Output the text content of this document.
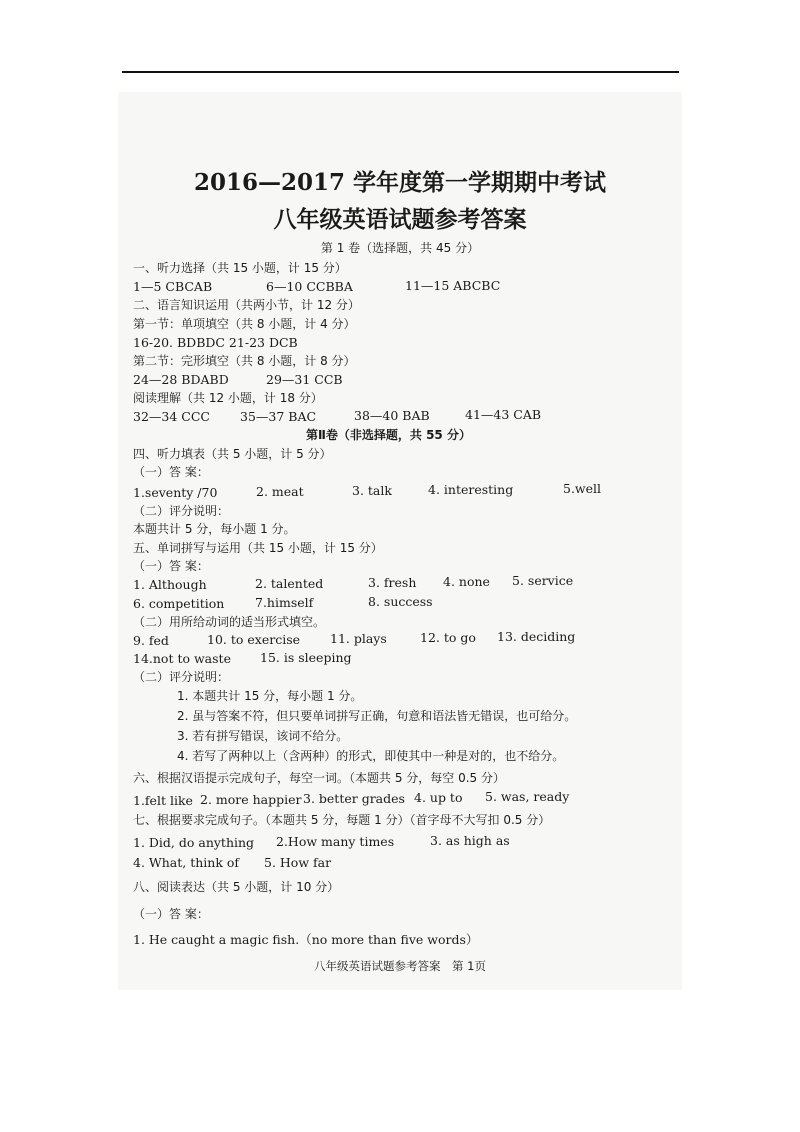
2016—2017 学年度第一学期期中考试
八年级英语试题参考答案
第 1 卷（选择题，共 45 分）
一、听力选择（共 15 小题，计 15 分）
1—5 CBCAB	6—10 CCBBA	11—15 ABCBC
二、语言知识运用（共两小节，计 12 分）
第一节：单项填空（共 8 小题，计 4 分）
16-20. BDBDC 21-23 DCB
第二节：完形填空（共 8 小题，计 8 分）
24—28 BDABD	29—31 CCB
阅读理解（共 12 小题，计 18 分）
32—34 CCC 35—37 BAC	38—40 BAB	41—43 CAB
第Ⅱ卷（非选择题，共 55 分）
四、听力填表（共 5 小题，计 5 分）
（一）答 案：
1.seventy /70	2. meat	3. talk	4. interesting	5.well
（二）评分说明：
本题共计 5 分，每小题 1 分。
五、单词拼写与运用（共 15 小题，计 15 分）
（一）答 案：
1. Although	2. talented	3. fresh 4. none 5. service
6. competition 7.himself	8. success
（二）用所给动词的适当形式填空。
9. fed	10. to exercise 11. plays	12. to go 13. deciding
14.not to waste 15. is sleeping
（二）评分说明：
1. 本题共计 15 分，每小题 1 分。
2. 虽与答案不符，但只要单词拼写正确，句意和语法皆无错误，也可给分。
3. 若有拼写错误，该词不给分。
4. 若写了两种以上（含两种）的形式，即使其中一种是对的，也不给分。
六、根据汉语提示完成句子，每空一词。（本题共 5 分，每空 0.5 分）
1.felt like 2. more happier 3. better grades 4. up to 5. was, ready
七、根据要求完成句子。（本题共 5 分，每题 1 分）（首字母不大写扣 0.5 分）
1. Did, do anything 2.How many times	3. as high as
4. What, think of 5. How far
八、阅读表达（共 5 小题，计 10 分）
（一）答 案：
1. He caught a magic fish.（no more than five words）
八年级英语试题参考答案　第 1页
